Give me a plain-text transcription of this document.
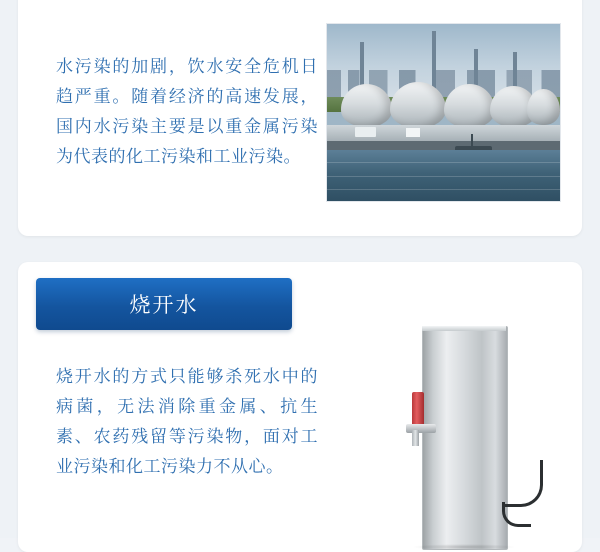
水污染的加剧，饮水安全危机日趋严重。随着经济的高速发展，国内水污染主要是以重金属污染为代表的化工污染和工业污染。
烧开水
烧开水的方式只能够杀死水中的病菌，无法消除重金属、抗生素、农药残留等污染物，面对工业污染和化工污染力不从心。
